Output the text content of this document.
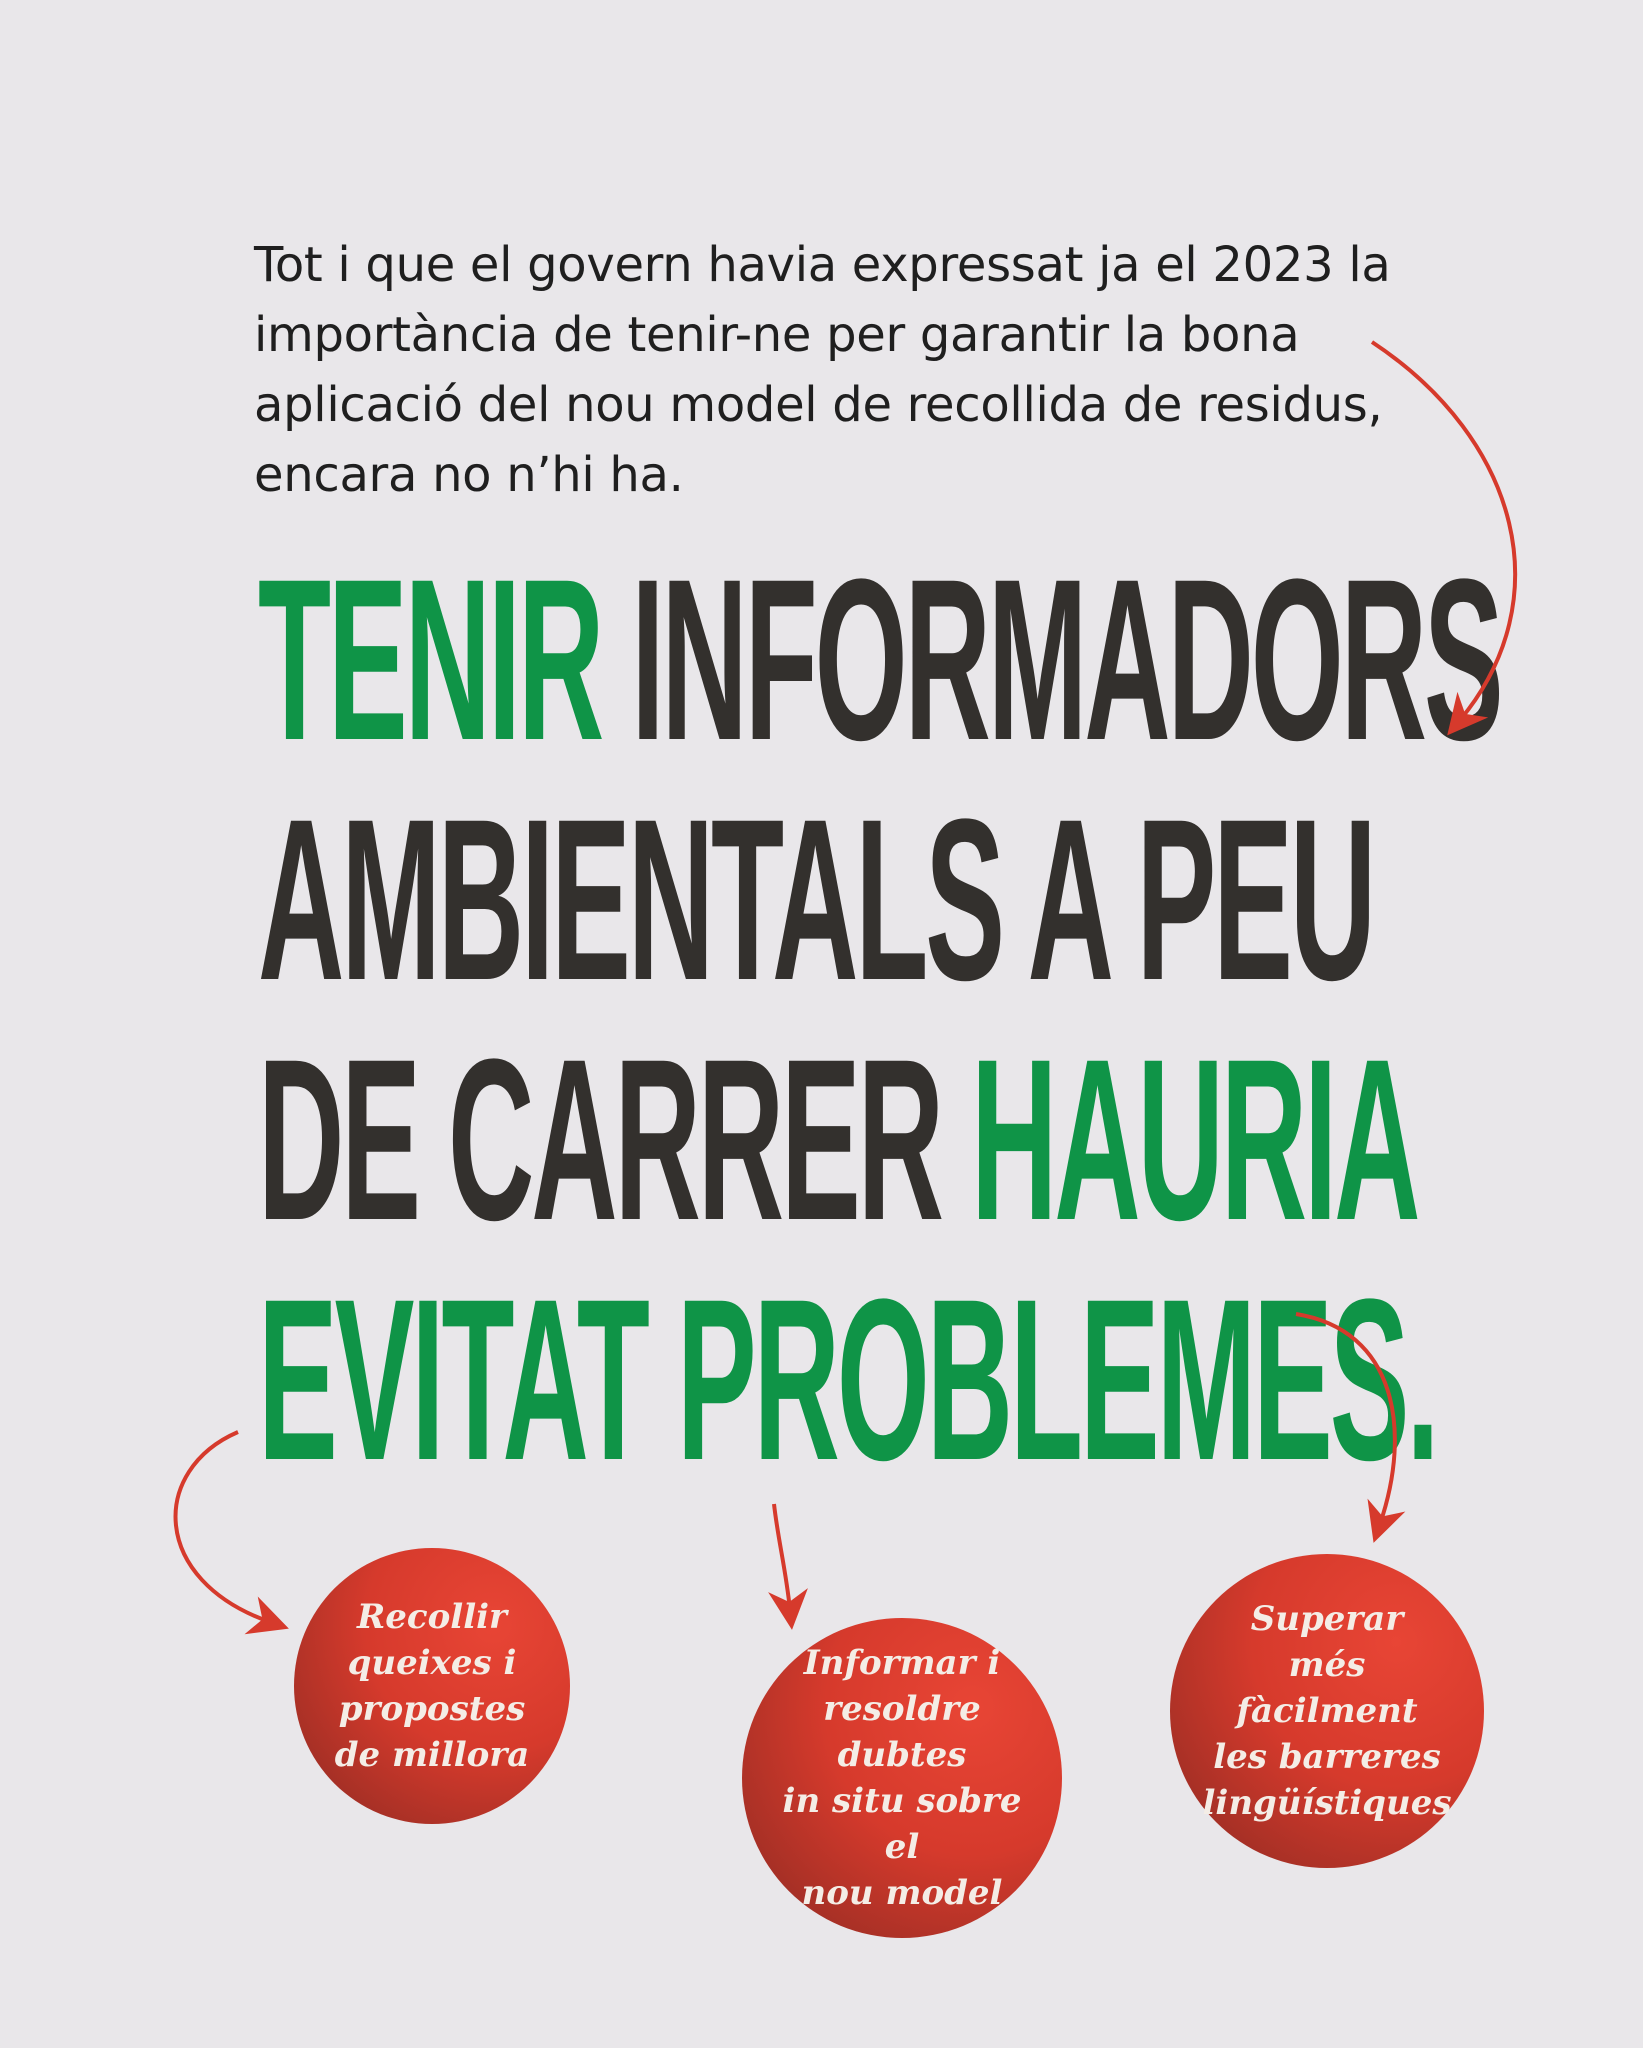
Tot i que el govern havia expressat ja el 2023 la importància de tenir-ne per garantir la bona aplicació del nou model de recollida de residus, encara no n’hi ha.

TENIR INFORMADORS
AMBIENTALS A PEU
DE CARRER HAURIA
EVITAT PROBLEMES.
Recollir
queixes i
propostes
de millora
Informar i
resoldre dubtes
in situ sobre el
nou model
Superar
més fàcilment
les barreres
lingüístiques
